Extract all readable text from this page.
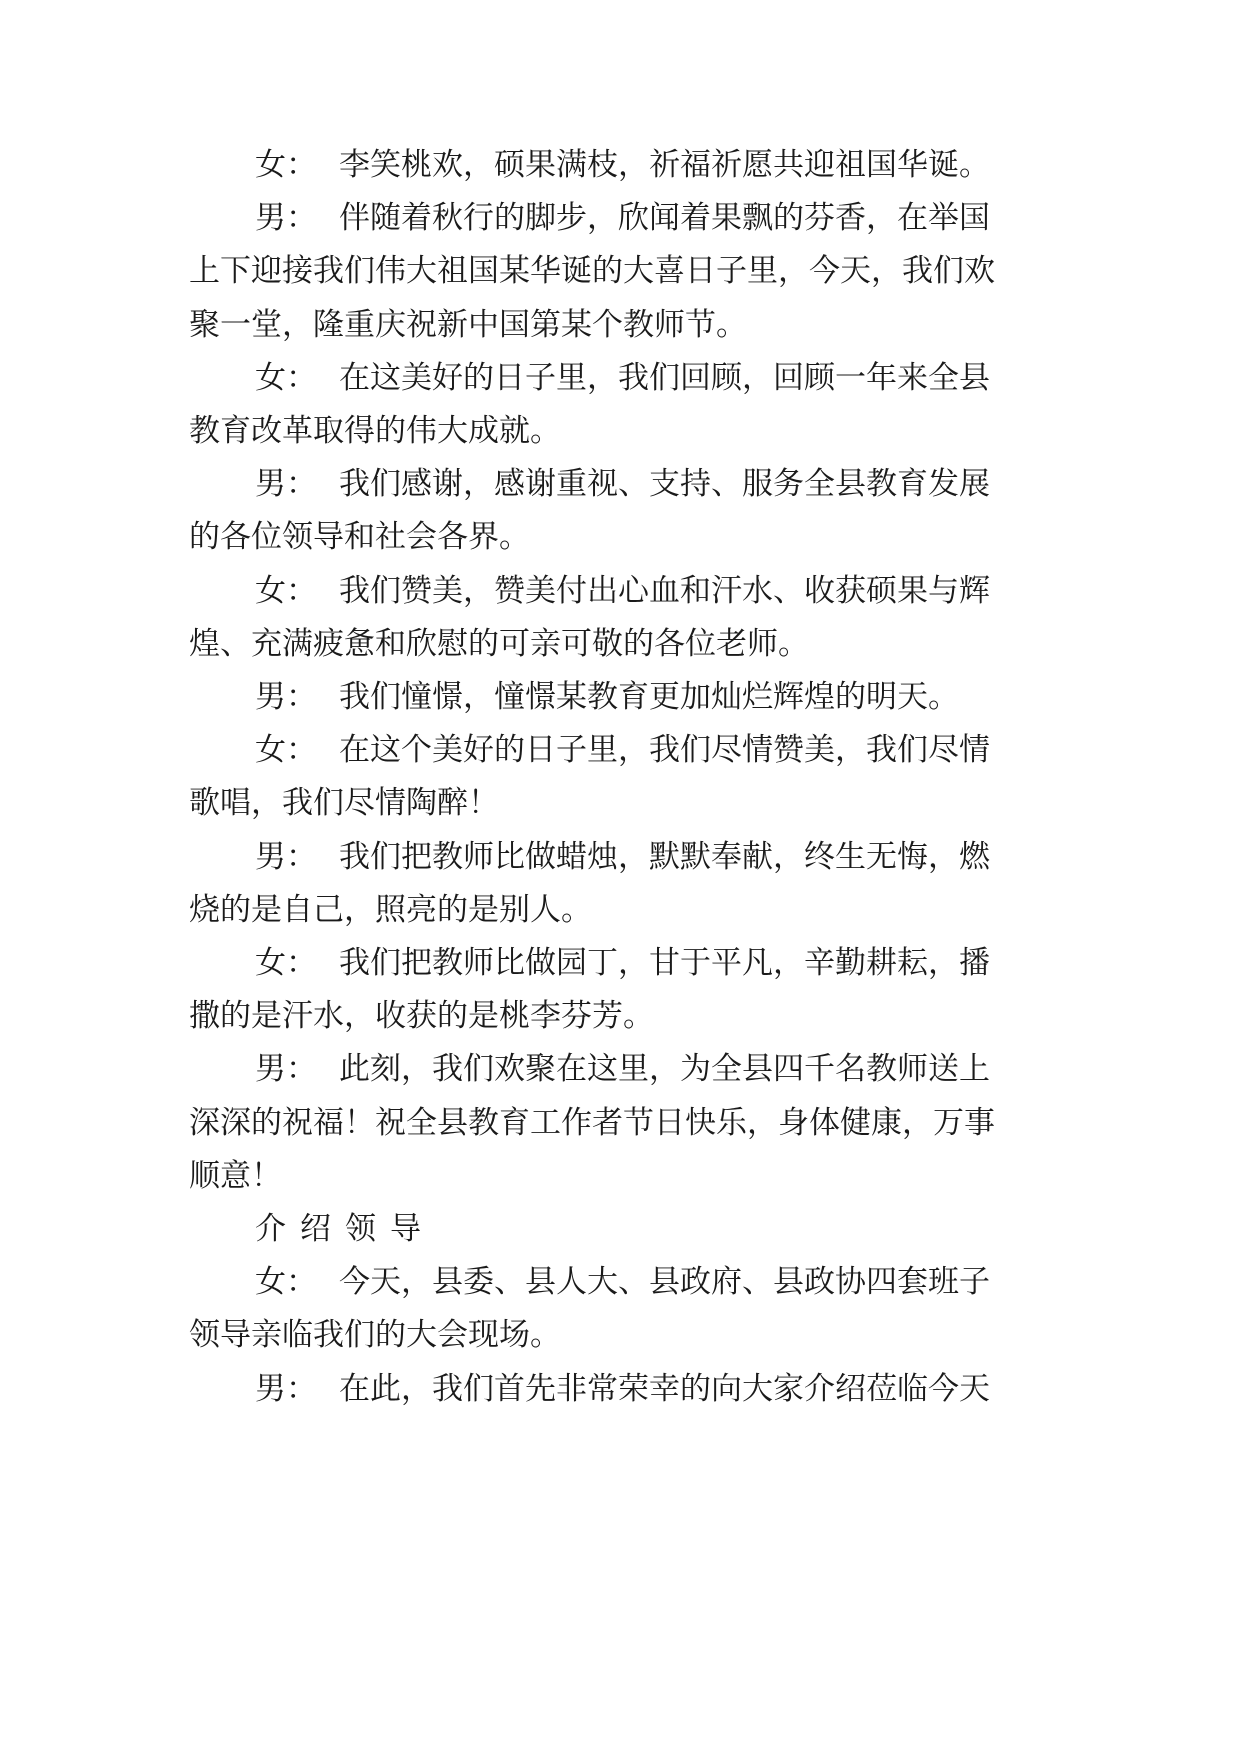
女： 李笑桃欢，硕果满枝，祈福祈愿共迎祖国华诞。
男： 伴随着秋行的脚步，欣闻着果飘的芬香，在举国
上下迎接我们伟大祖国某华诞的大喜日子里，今天，我们欢
聚一堂，隆重庆祝新中国第某个教师节。
女： 在这美好的日子里，我们回顾，回顾一年来全县
教育改革取得的伟大成就。
男： 我们感谢，感谢重视、支持、服务全县教育发展
的各位领导和社会各界。
女： 我们赞美，赞美付出心血和汗水、收获硕果与辉
煌、充满疲惫和欣慰的可亲可敬的各位老师。
男： 我们憧憬，憧憬某教育更加灿烂辉煌的明天。
女： 在这个美好的日子里，我们尽情赞美，我们尽情
歌唱，我们尽情陶醉！
男： 我们把教师比做蜡烛，默默奉献，终生无悔，燃
烧的是自己，照亮的是别人。
女： 我们把教师比做园丁，甘于平凡，辛勤耕耘，播
撒的是汗水，收获的是桃李芬芳。
男： 此刻，我们欢聚在这里，为全县四千名教师送上
深深的祝福！祝全县教育工作者节日快乐，身体健康，万事
顺意！
介绍领导
女： 今天，县委、县人大、县政府、县政协四套班子
领导亲临我们的大会现场。
男： 在此，我们首先非常荣幸的向大家介绍莅临今天
